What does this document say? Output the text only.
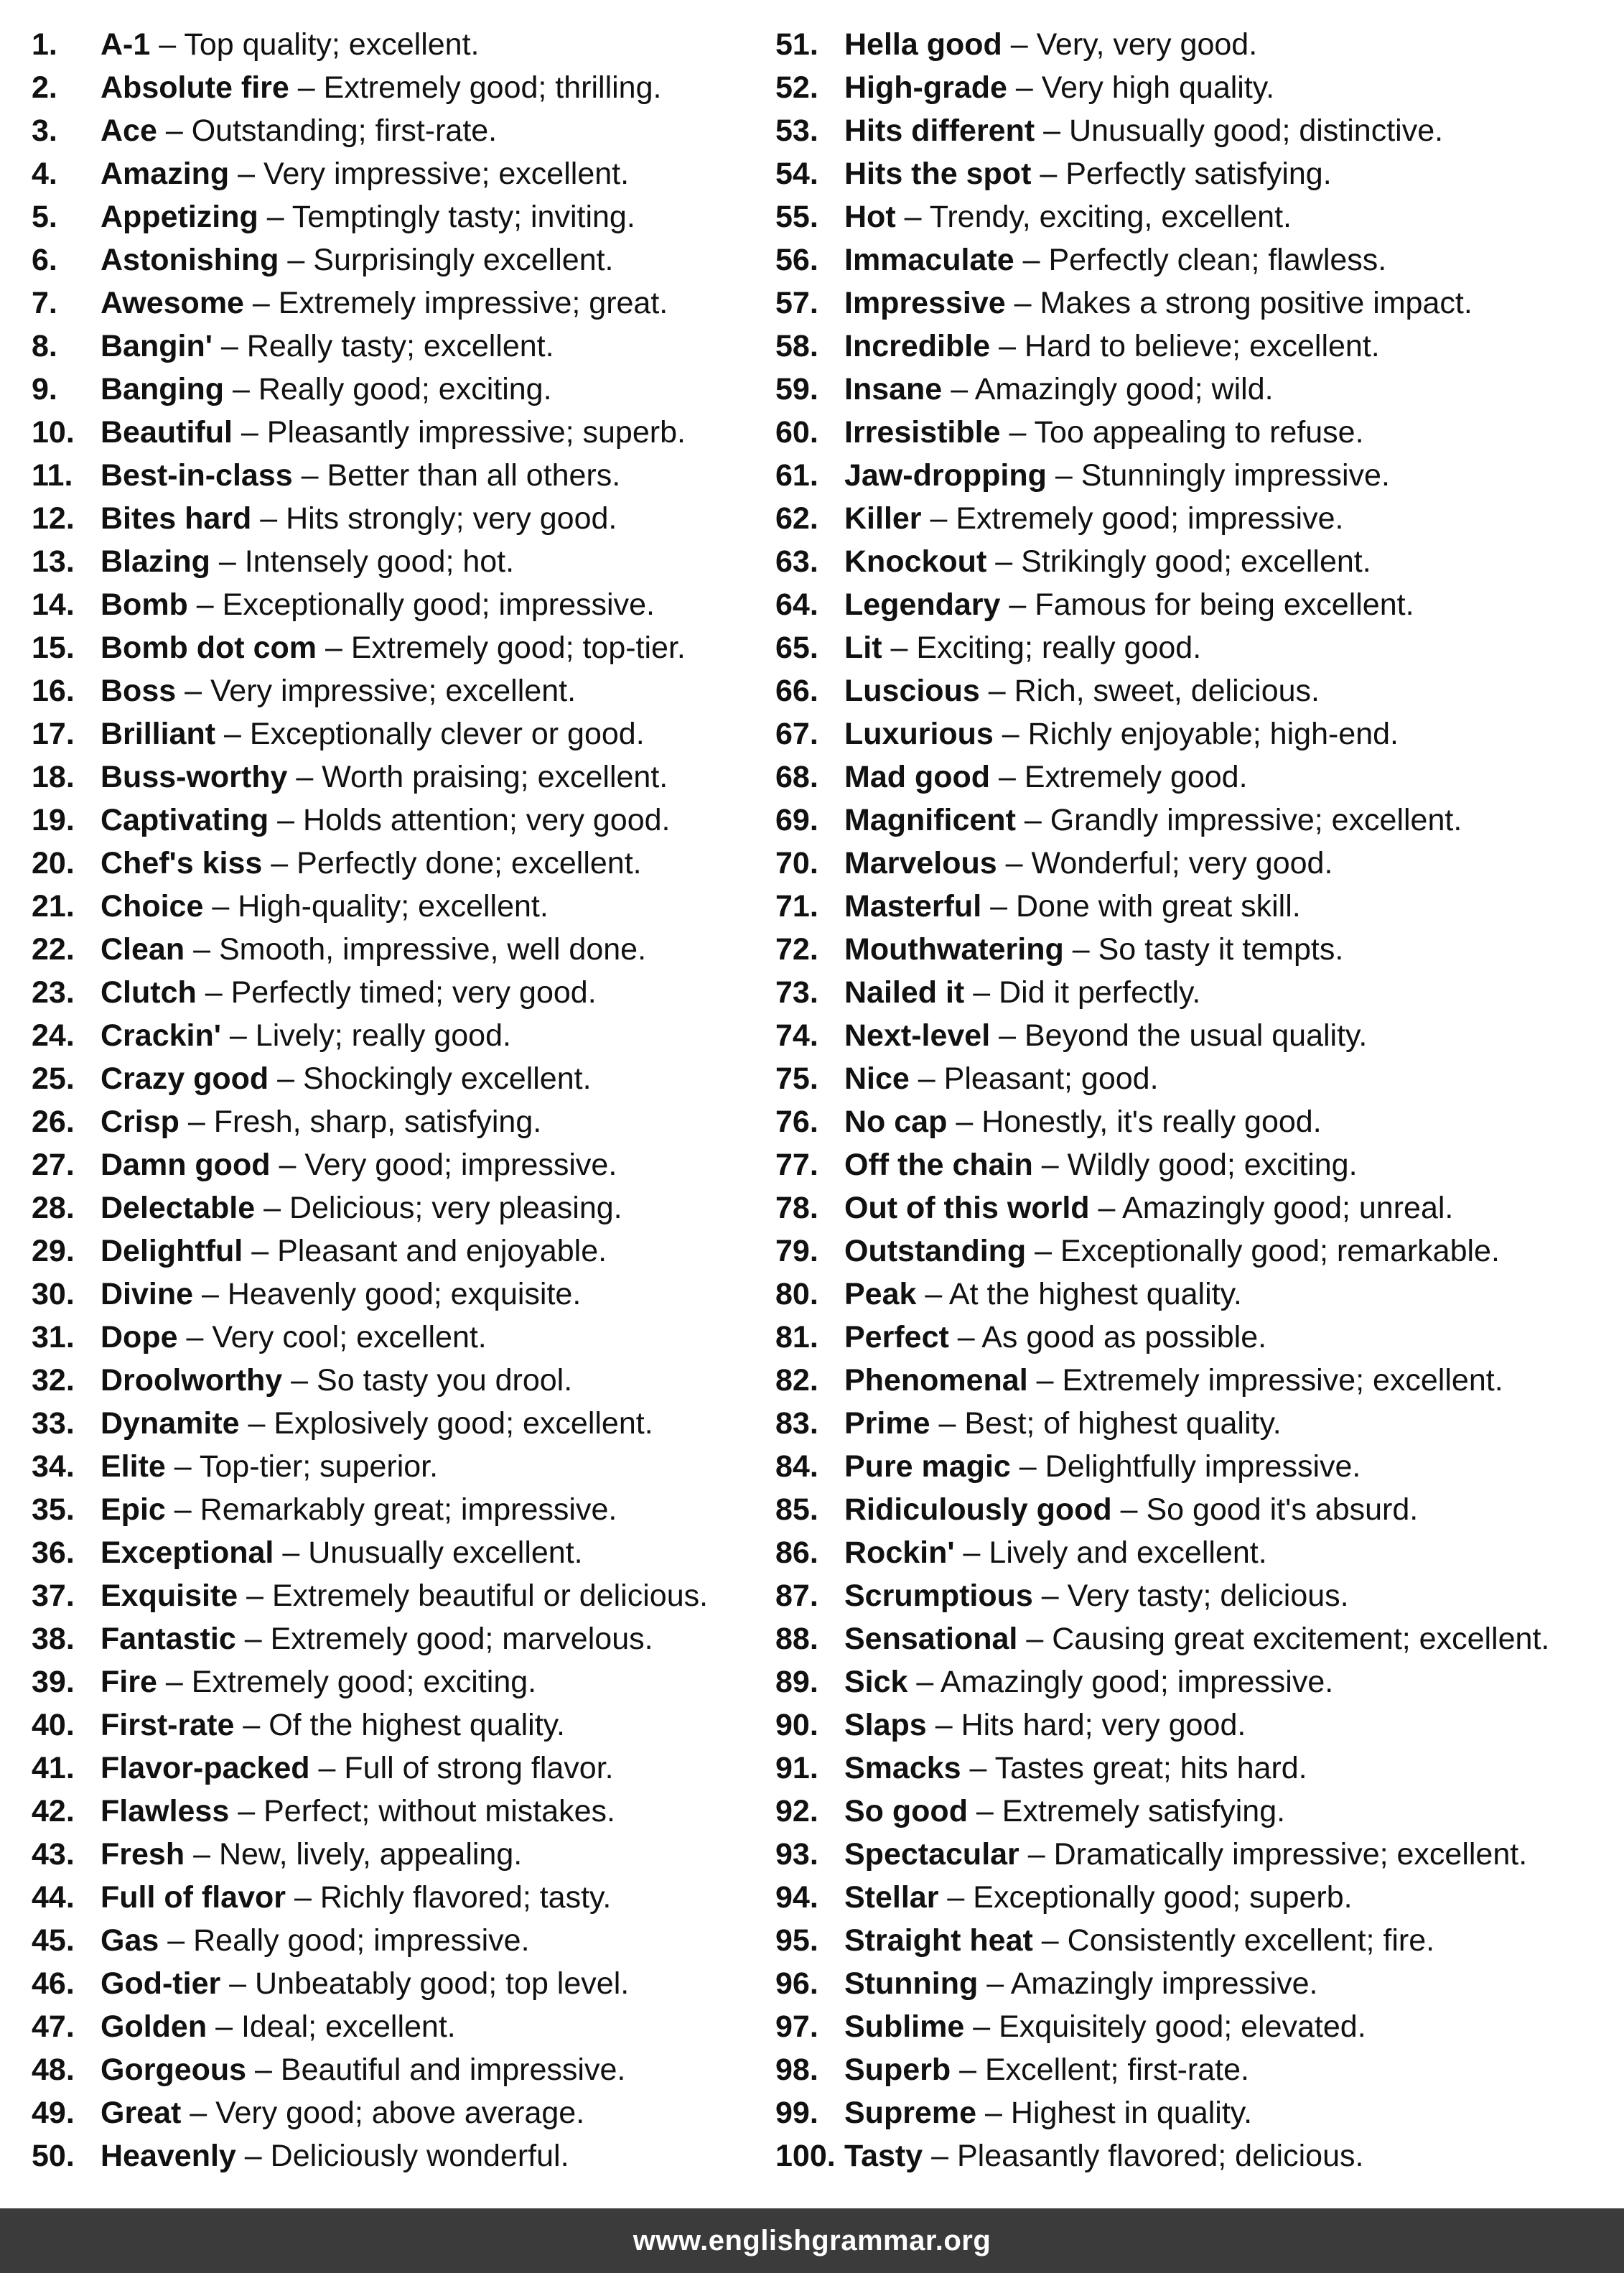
1. A-1 – Top quality; excellent.
2. Absolute fire – Extremely good; thrilling.
3. Ace – Outstanding; first-rate.
4. Amazing – Very impressive; excellent.
5. Appetizing – Temptingly tasty; inviting.
6. Astonishing – Surprisingly excellent.
7. Awesome – Extremely impressive; great.
8. Bangin' – Really tasty; excellent.
9. Banging – Really good; exciting.
10. Beautiful – Pleasantly impressive; superb.
11. Best-in-class – Better than all others.
12. Bites hard – Hits strongly; very good.
13. Blazing – Intensely good; hot.
14. Bomb – Exceptionally good; impressive.
15. Bomb dot com – Extremely good; top-tier.
16. Boss – Very impressive; excellent.
17. Brilliant – Exceptionally clever or good.
18. Buss-worthy – Worth praising; excellent.
19. Captivating – Holds attention; very good.
20. Chef's kiss – Perfectly done; excellent.
21. Choice – High-quality; excellent.
22. Clean – Smooth, impressive, well done.
23. Clutch – Perfectly timed; very good.
24. Crackin' – Lively; really good.
25. Crazy good – Shockingly excellent.
26. Crisp – Fresh, sharp, satisfying.
27. Damn good – Very good; impressive.
28. Delectable – Delicious; very pleasing.
29. Delightful – Pleasant and enjoyable.
30. Divine – Heavenly good; exquisite.
31. Dope – Very cool; excellent.
32. Droolworthy – So tasty you drool.
33. Dynamite – Explosively good; excellent.
34. Elite – Top-tier; superior.
35. Epic – Remarkably great; impressive.
36. Exceptional – Unusually excellent.
37. Exquisite – Extremely beautiful or delicious.
38. Fantastic – Extremely good; marvelous.
39. Fire – Extremely good; exciting.
40. First-rate – Of the highest quality.
41. Flavor-packed – Full of strong flavor.
42. Flawless – Perfect; without mistakes.
43. Fresh – New, lively, appealing.
44. Full of flavor – Richly flavored; tasty.
45. Gas – Really good; impressive.
46. God-tier – Unbeatably good; top level.
47. Golden – Ideal; excellent.
48. Gorgeous – Beautiful and impressive.
49. Great – Very good; above average.
50. Heavenly – Deliciously wonderful.
51. Hella good – Very, very good.
52. High-grade – Very high quality.
53. Hits different – Unusually good; distinctive.
54. Hits the spot – Perfectly satisfying.
55. Hot – Trendy, exciting, excellent.
56. Immaculate – Perfectly clean; flawless.
57. Impressive – Makes a strong positive impact.
58. Incredible – Hard to believe; excellent.
59. Insane – Amazingly good; wild.
60. Irresistible – Too appealing to refuse.
61. Jaw-dropping – Stunningly impressive.
62. Killer – Extremely good; impressive.
63. Knockout – Strikingly good; excellent.
64. Legendary – Famous for being excellent.
65. Lit – Exciting; really good.
66. Luscious – Rich, sweet, delicious.
67. Luxurious – Richly enjoyable; high-end.
68. Mad good – Extremely good.
69. Magnificent – Grandly impressive; excellent.
70. Marvelous – Wonderful; very good.
71. Masterful – Done with great skill.
72. Mouthwatering – So tasty it tempts.
73. Nailed it – Did it perfectly.
74. Next-level – Beyond the usual quality.
75. Nice – Pleasant; good.
76. No cap – Honestly, it's really good.
77. Off the chain – Wildly good; exciting.
78. Out of this world – Amazingly good; unreal.
79. Outstanding – Exceptionally good; remarkable.
80. Peak – At the highest quality.
81. Perfect – As good as possible.
82. Phenomenal – Extremely impressive; excellent.
83. Prime – Best; of highest quality.
84. Pure magic – Delightfully impressive.
85. Ridiculously good – So good it's absurd.
86. Rockin' – Lively and excellent.
87. Scrumptious – Very tasty; delicious.
88. Sensational – Causing great excitement; excellent.
89. Sick – Amazingly good; impressive.
90. Slaps – Hits hard; very good.
91. Smacks – Tastes great; hits hard.
92. So good – Extremely satisfying.
93. Spectacular – Dramatically impressive; excellent.
94. Stellar – Exceptionally good; superb.
95. Straight heat – Consistently excellent; fire.
96. Stunning – Amazingly impressive.
97. Sublime – Exquisitely good; elevated.
98. Superb – Excellent; first-rate.
99. Supreme – Highest in quality.
100. Tasty – Pleasantly flavored; delicious.
www.englishgrammar.org
